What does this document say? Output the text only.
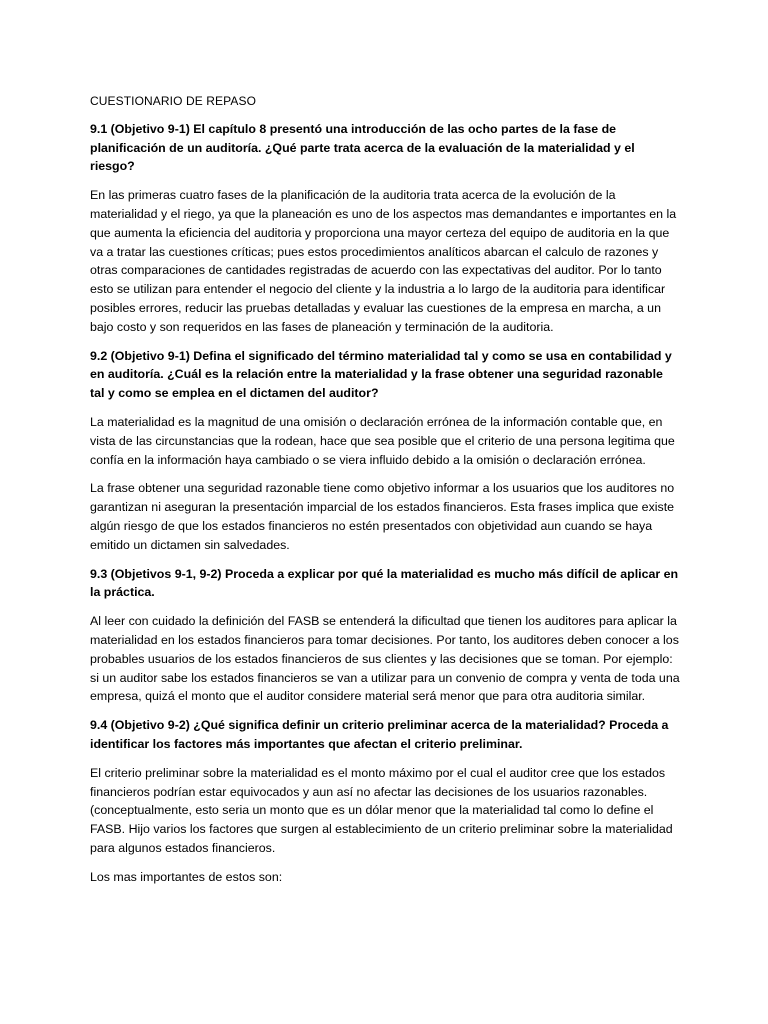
CUESTIONARIO DE REPASO

9.1 (Objetivo 9-1) El capítulo 8 presentó una introducción de las ocho partes de la fase de planificación de un auditoría. ¿Qué parte trata acerca de la evaluación de la materialidad y el riesgo?

En las primeras cuatro fases de la planificación de la auditoria trata acerca de la evolución de la materialidad y el riego, ya que la planeación es uno de los aspectos mas demandantes e importantes en la que aumenta la eficiencia del auditoria y proporciona una mayor certeza del equipo de auditoria en la que va a tratar las cuestiones críticas; pues estos procedimientos analíticos abarcan el calculo de razones y otras comparaciones de cantidades registradas de acuerdo con las expectativas del auditor. Por lo tanto esto se utilizan para entender el negocio del cliente y la industria a lo largo de la auditoria para identificar posibles errores, reducir las pruebas detalladas y evaluar las cuestiones de la empresa en marcha, a un bajo costo y son requeridos en las fases de planeación y terminación de la auditoria.

9.2 (Objetivo 9-1) Defina el significado del término materialidad tal y como se usa en contabilidad y en auditoría. ¿Cuál es la relación entre la materialidad y la frase obtener una seguridad razonable tal y como se emplea en el dictamen del auditor?

La materialidad es la magnitud de una omisión o declaración errónea de la información contable que, en vista de las circunstancias que la rodean, hace que sea posible que el criterio de una persona legitima que confía en la información haya cambiado o se viera influido debido a la omisión o declaración errónea.

La frase obtener una seguridad razonable tiene como objetivo informar a los usuarios que los auditores no garantizan ni aseguran la presentación imparcial de los estados financieros. Esta frases implica que existe algún riesgo de que los estados financieros no estén presentados con objetividad aun cuando se haya emitido un dictamen sin salvedades.

9.3 (Objetivos 9-1, 9-2) Proceda a explicar por qué la materialidad es mucho más difícil de aplicar en la práctica.

Al leer con cuidado la definición del FASB se entenderá la dificultad que tienen los auditores para aplicar la materialidad en los estados financieros para tomar decisiones. Por tanto, los auditores deben conocer a los probables usuarios de los estados financieros de sus clientes y las decisiones que se toman. Por ejemplo: si un auditor sabe los estados financieros se van a utilizar para un convenio de compra y venta de toda una empresa, quizá el monto que el auditor considere material será menor que para otra auditoria similar.

9.4 (Objetivo 9-2) ¿Qué significa definir un criterio preliminar acerca de la materialidad? Proceda a identificar los factores más importantes que afectan el criterio preliminar.

El criterio preliminar sobre la materialidad es el monto máximo por el cual el auditor cree que los estados financieros podrían estar equivocados y aun así no afectar las decisiones de los usuarios razonables. (conceptualmente, esto seria un monto que es un dólar menor que la materialidad tal como lo define el FASB. Hijo varios los factores que surgen al establecimiento de un criterio preliminar sobre la materialidad para algunos estados financieros.

Los mas importantes de estos son:
